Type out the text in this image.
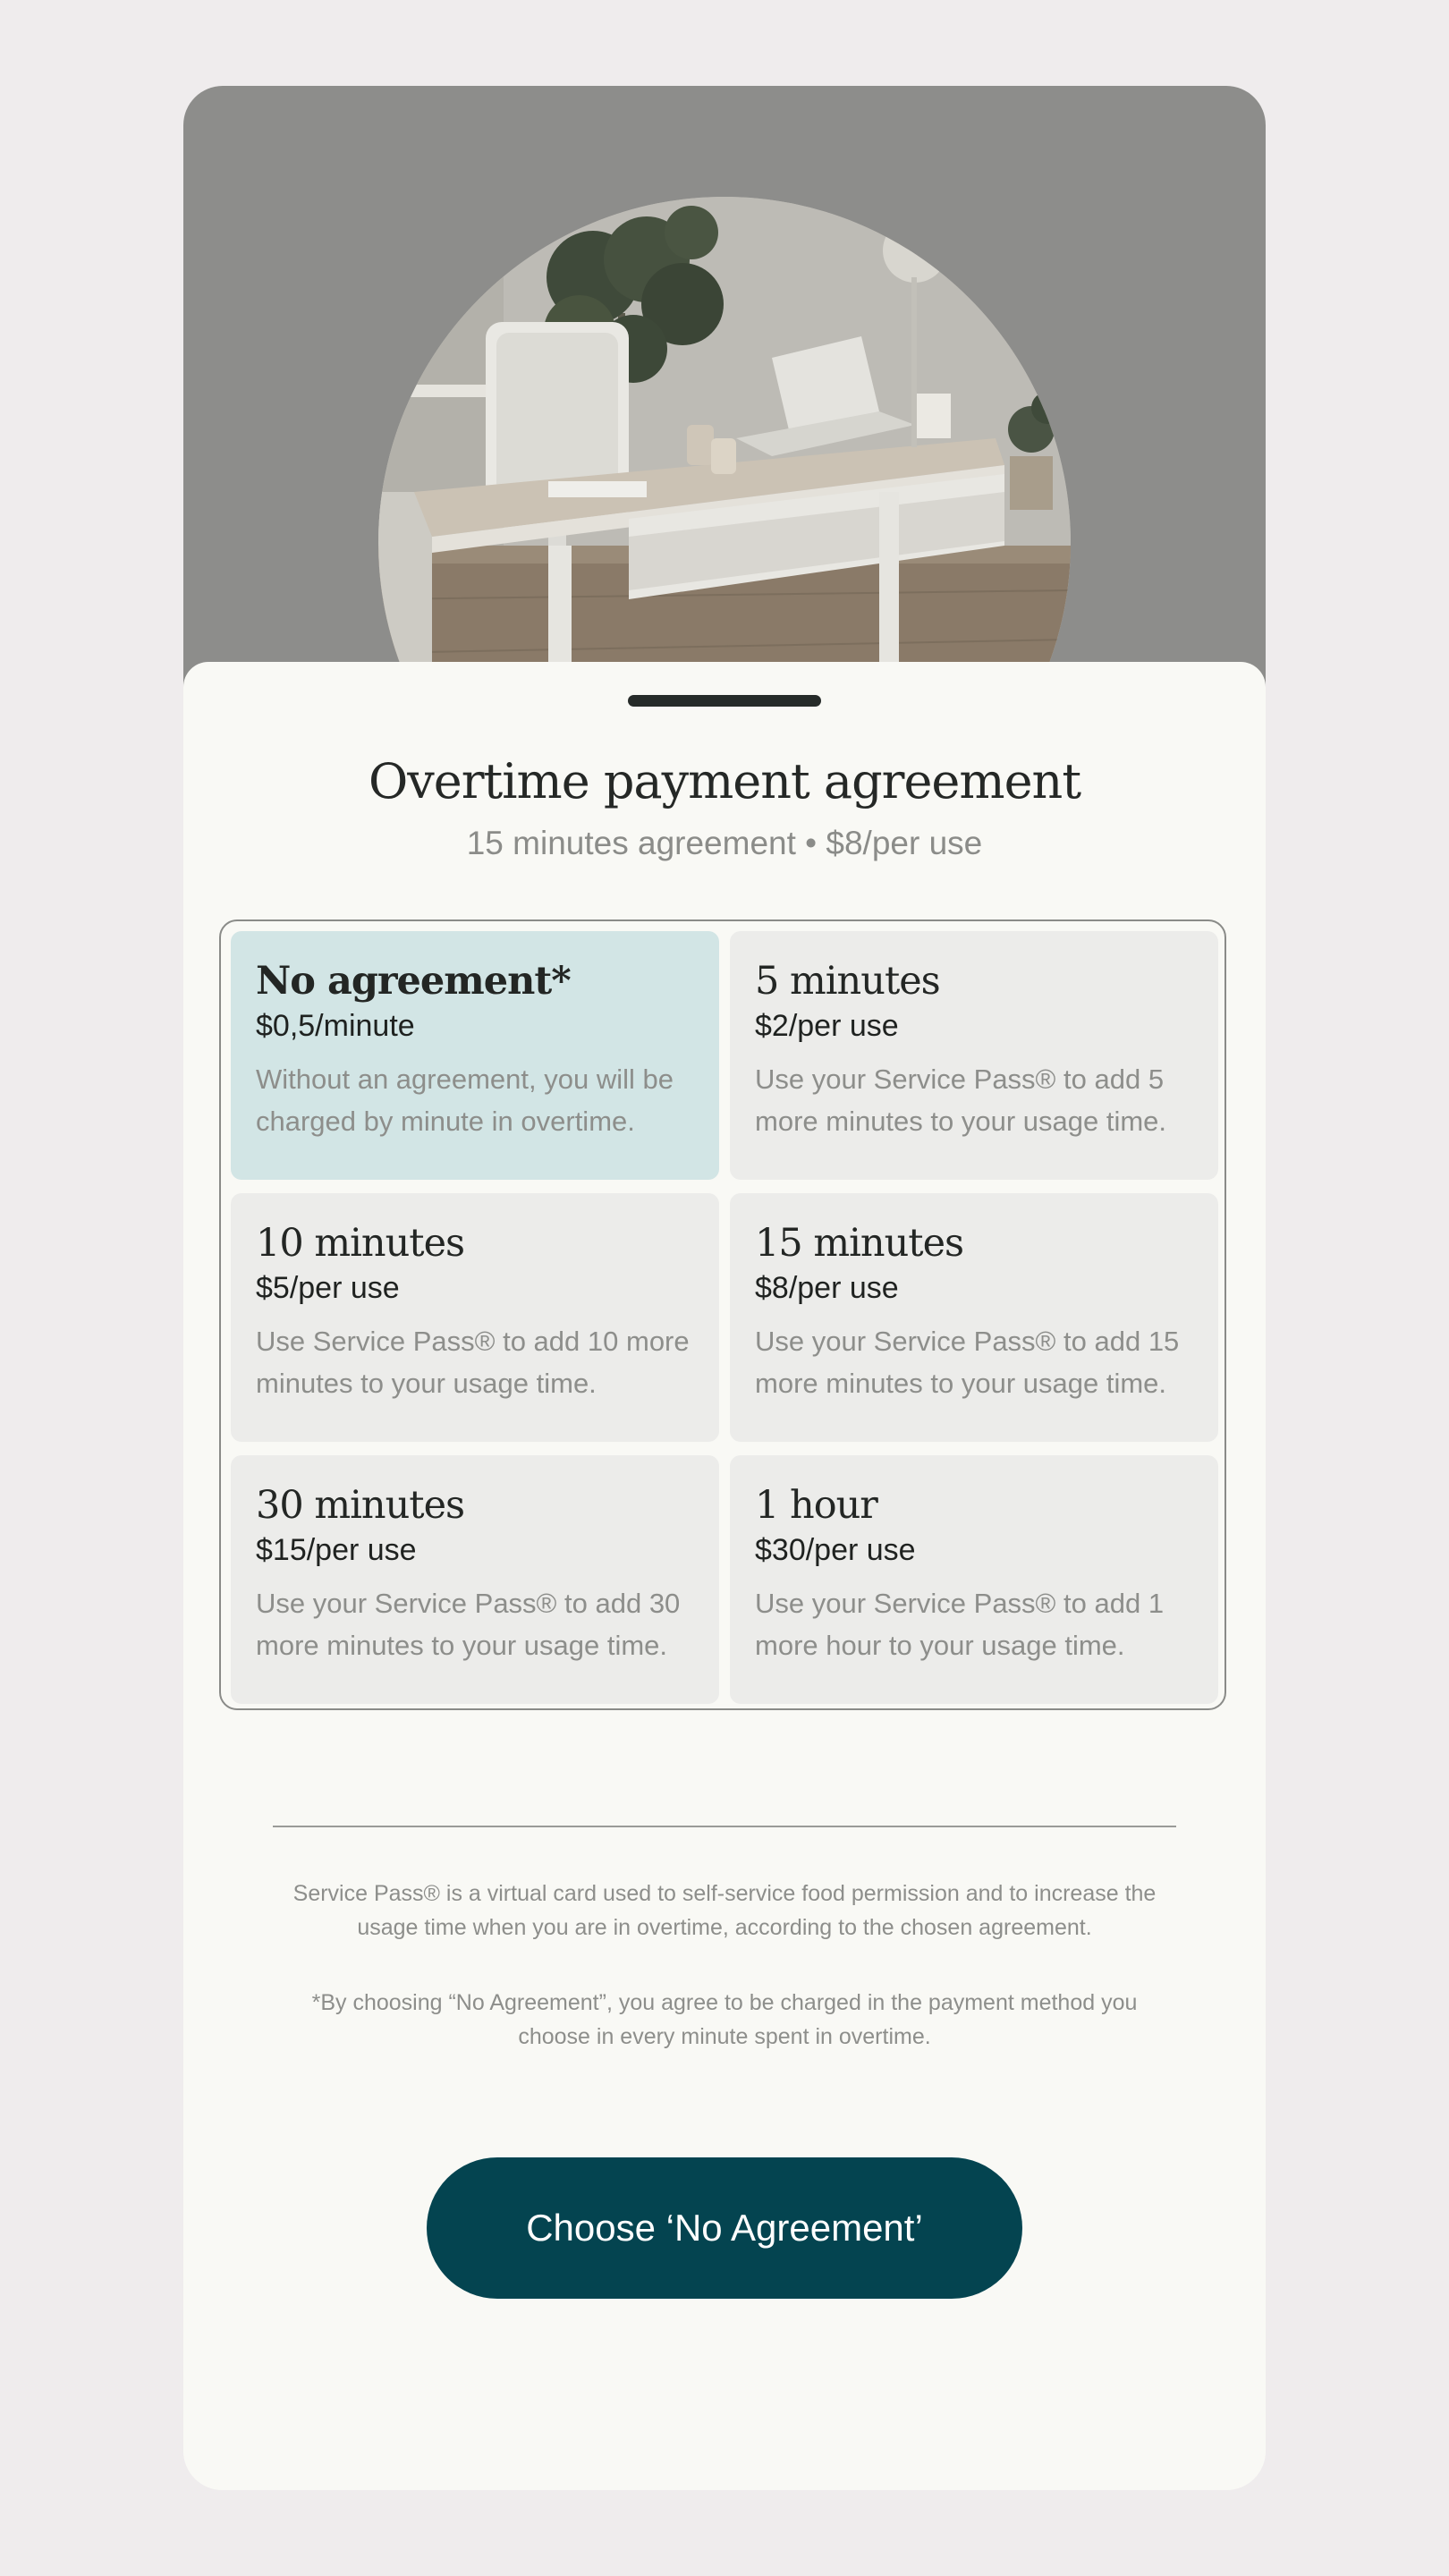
Overtime payment agreement
15 minutes agreement • $8/per use
No agreement*
$0,5/minute
Without an agreement, you will be charged by minute in overtime.
5 minutes
$2/per use
Use your Service Pass® to add 5 more minutes to your usage time.
10 minutes
$5/per use
Use Service Pass® to add 10 more minutes to your usage time.
15 minutes
$8/per use
Use your Service Pass® to add 15 more minutes to your usage time.
30 minutes
$15/per use
Use your Service Pass® to add 30 more minutes to your usage time.
1 hour
$30/per use
Use your Service Pass® to add 1 more hour to your usage time.
Service Pass® is a virtual card used to self-service food permission and to increase the usage time when you are in overtime, according to the chosen agreement.
*By choosing “No Agreement”, you agree to be charged in the payment method you choose in every minute spent in overtime.
Choose ‘No Agreement’
